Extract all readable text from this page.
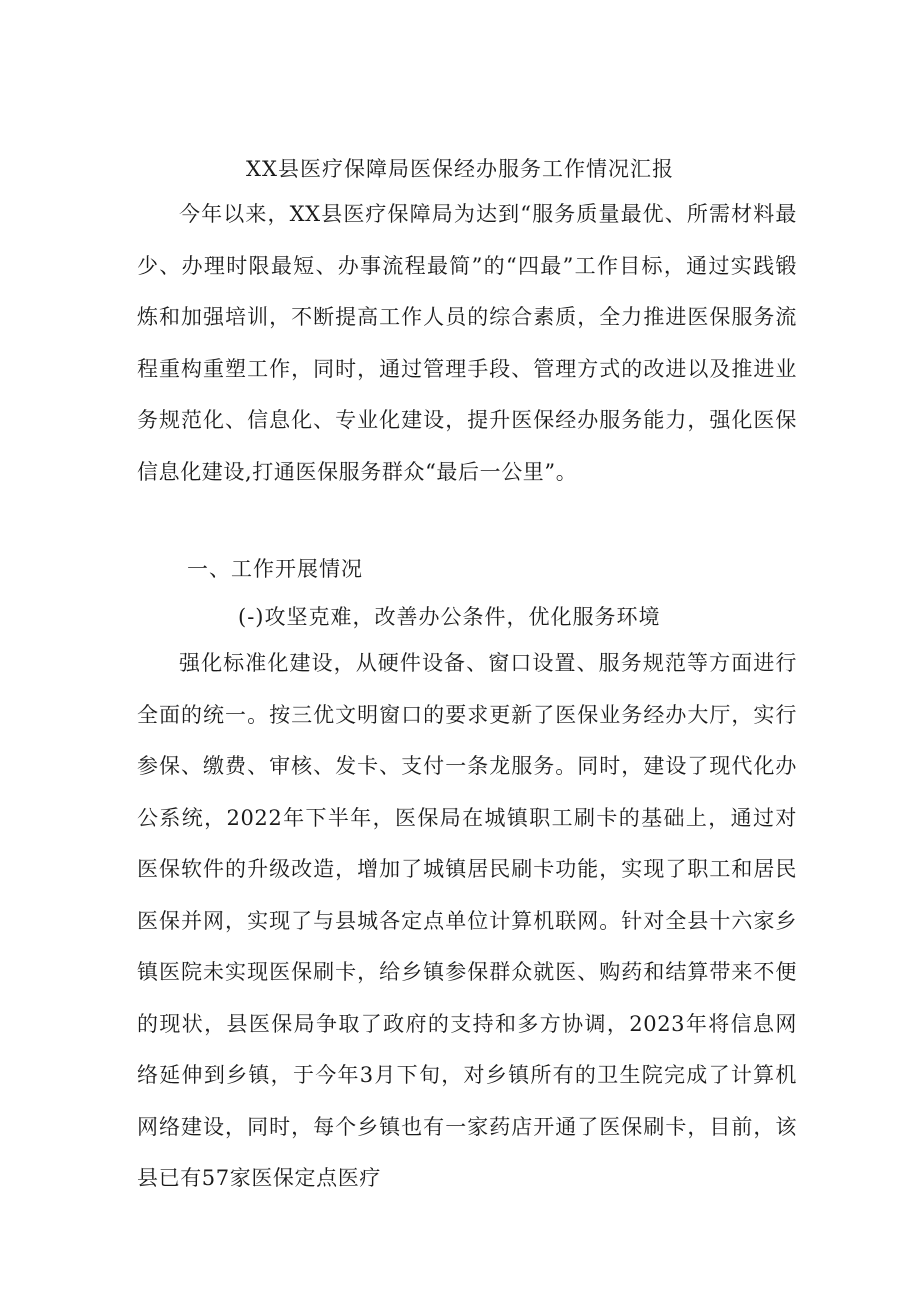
XX县医疗保障局医保经办服务工作情况汇报
今年以来，XX县医疗保障局为达到“服务质量最优、所需材料最少、办理时限最短、办事流程最简”的“四最”工作目标，通过实践锻炼和加强培训，不断提高工作人员的综合素质，全力推进医保服务流程重构重塑工作，同时，通过管理手段、管理方式的改进以及推进业务规范化、信息化、专业化建设，提升医保经办服务能力，强化医保信息化建设,打通医保服务群众“最后一公里”。
一、工作开展情况
(-)攻坚克难，改善办公条件，优化服务环境
强化标准化建设，从硬件设备、窗口设置、服务规范等方面进行全面的统一。按三优文明窗口的要求更新了医保业务经办大厅，实行参保、缴费、审核、发卡、支付一条龙服务。同时，建设了现代化办公系统，2022年下半年，医保局在城镇职工刷卡的基础上，通过对医保软件的升级改造，增加了城镇居民刷卡功能，实现了职工和居民医保并网，实现了与县城各定点单位计算机联网。针对全县十六家乡镇医院未实现医保刷卡，给乡镇参保群众就医、购药和结算带来不便的现状，县医保局争取了政府的支持和多方协调，2023年将信息网络延伸到乡镇，于今年3月下旬，对乡镇所有的卫生院完成了计算机网络建设，同时，每个乡镇也有一家药店开通了医保刷卡，目前，该县已有57家医保定点医疗
